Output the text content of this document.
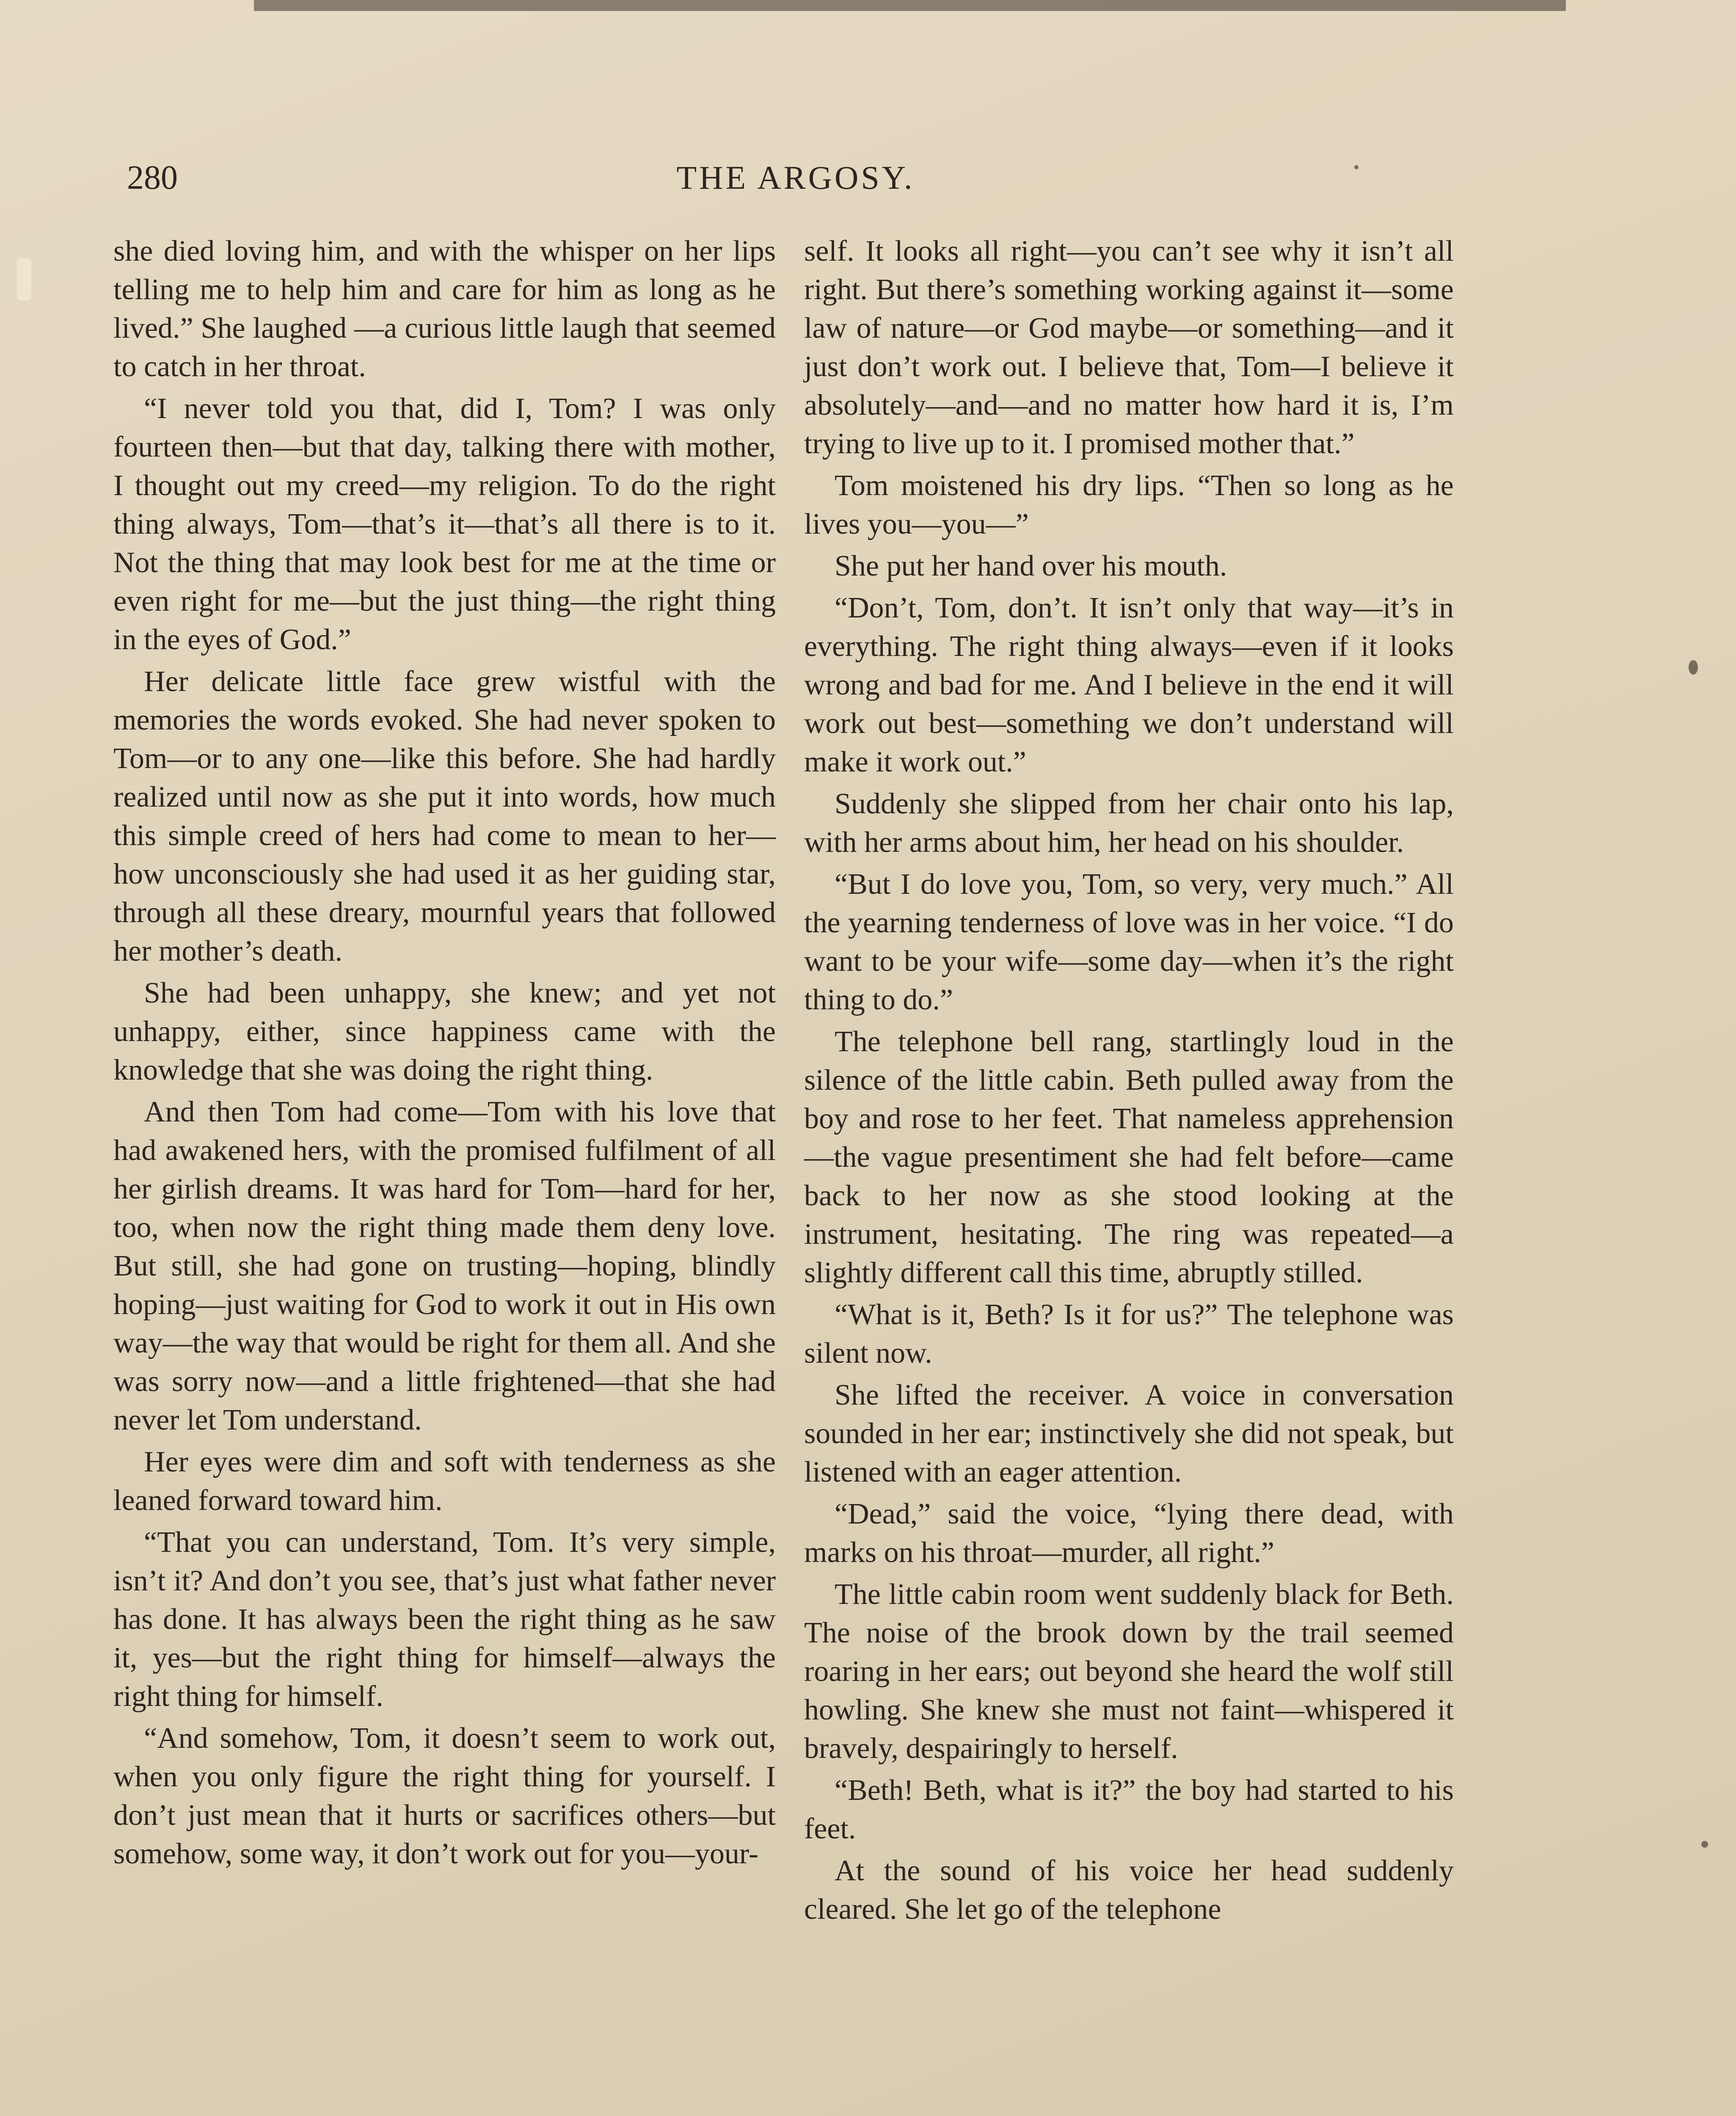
280	THE ARGOSY.

she died loving him, and with the whisper on her lips telling me to help him and care for him as long as he lived.” She laughed —a curious little laugh that seemed to catch in her throat.

“I never told you that, did I, Tom? I was only fourteen then—but that day, talking there with mother, I thought out my creed—my religion. To do the right thing always, Tom—that’s it—that’s all there is to it. Not the thing that may look best for me at the time or even right for me—but the just thing—the right thing in the eyes of God.”

Her delicate little face grew wistful with the memories the words evoked. She had never spoken to Tom—or to any one—like this before. She had hardly realized until now as she put it into words, how much this simple creed of hers had come to mean to her—how unconsciously she had used it as her guiding star, through all these dreary, mournful years that followed her mother’s death.

She had been unhappy, she knew; and yet not unhappy, either, since happiness came with the knowledge that she was doing the right thing.

And then Tom had come—Tom with his love that had awakened hers, with the promised fulfilment of all her girlish dreams. It was hard for Tom—hard for her, too, when now the right thing made them deny love. But still, she had gone on trusting—hoping, blindly hoping—just waiting for God to work it out in His own way—the way that would be right for them all. And she was sorry now—and a little frightened—that she had never let Tom understand.

Her eyes were dim and soft with tenderness as she leaned forward toward him.

“That you can understand, Tom. It’s very simple, isn’t it? And don’t you see, that’s just what father never has done. It has always been the right thing as he saw it, yes—but the right thing for himself—always the right thing for himself.

“And somehow, Tom, it doesn’t seem to work out, when you only figure the right thing for yourself. I don’t just mean that it hurts or sacrifices others—but somehow, some way, it don’t work out for you—your-

self. It looks all right—you can’t see why it isn’t all right. But there’s something working against it—some law of nature—or God maybe—or something—and it just don’t work out. I believe that, Tom—I believe it absolutely—and—and no matter how hard it is, I’m trying to live up to it. I promised mother that.”

Tom moistened his dry lips. “Then so long as he lives you—you—”

She put her hand over his mouth.

“Don’t, Tom, don’t. It isn’t only that way—it’s in everything. The right thing always—even if it looks wrong and bad for me. And I believe in the end it will work out best—something we don’t understand will make it work out.”

Suddenly she slipped from her chair onto his lap, with her arms about him, her head on his shoulder.

“But I do love you, Tom, so very, very much.” All the yearning tenderness of love was in her voice. “I do want to be your wife—some day—when it’s the right thing to do.”

The telephone bell rang, startlingly loud in the silence of the little cabin. Beth pulled away from the boy and rose to her feet. That nameless apprehension—the vague presentiment she had felt before—came back to her now as she stood looking at the instrument, hesitating. The ring was repeated—a slightly different call this time, abruptly stilled.

“What is it, Beth? Is it for us?” The telephone was silent now.

She lifted the receiver. A voice in conversation sounded in her ear; instinctively she did not speak, but listened with an eager attention.

“Dead,” said the voice, “lying there dead, with marks on his throat—murder, all right.”

The little cabin room went suddenly black for Beth. The noise of the brook down by the trail seemed roaring in her ears; out beyond she heard the wolf still howling. She knew she must not faint—whispered it bravely, despairingly to herself.

“Beth! Beth, what is it?” the boy had started to his feet.

At the sound of his voice her head suddenly cleared. She let go of the telephone
